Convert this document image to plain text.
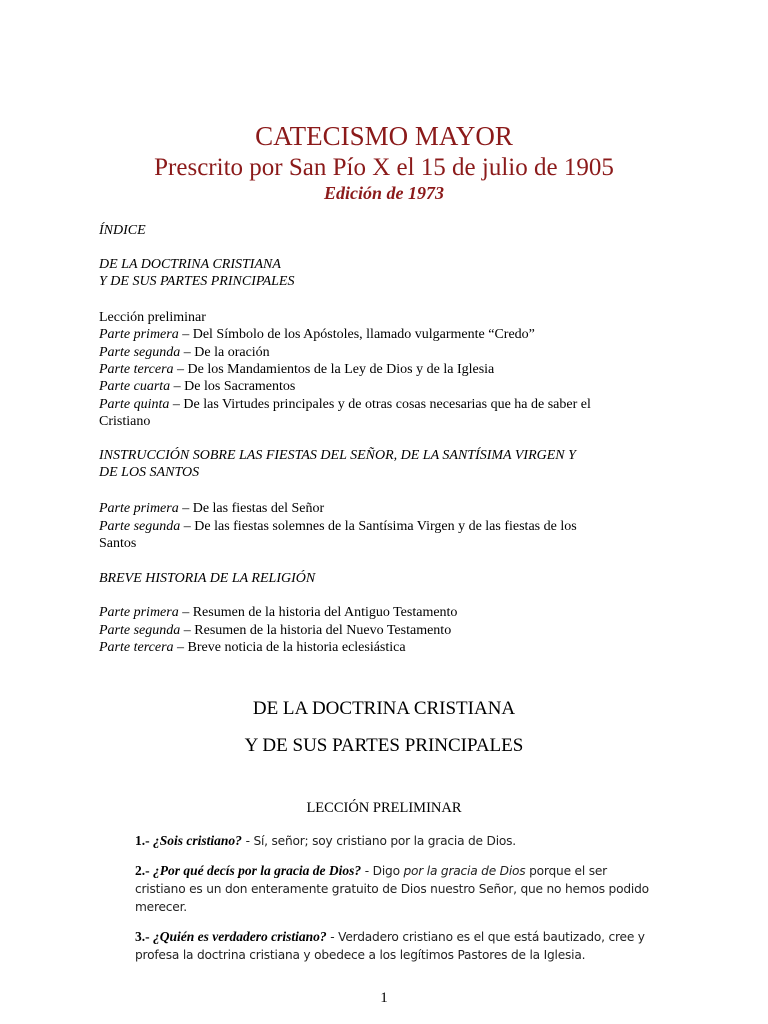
CATECISMO MAYOR
Prescrito por San Pío X el 15 de julio de 1905
Edición de 1973
ÍNDICE
DE LA DOCTRINA CRISTIANA
Y DE SUS PARTES PRINCIPALES
Lección preliminar
Parte primera – Del Símbolo de los Apóstoles, llamado vulgarmente “Credo”
Parte segunda – De la oración
Parte tercera – De los Mandamientos de la Ley de Dios y de la Iglesia
Parte cuarta – De los Sacramentos
Parte quinta – De las Virtudes principales y de otras cosas necesarias que ha de saber el
Cristiano
INSTRUCCIÓN SOBRE LAS FIESTAS DEL SEÑOR, DE LA SANTÍSIMA VIRGEN Y
DE LOS SANTOS
Parte primera – De las fiestas del Señor
Parte segunda – De las fiestas solemnes de la Santísima Virgen y de las fiestas de los
Santos
BREVE HISTORIA DE LA RELIGIÓN
Parte primera – Resumen de la historia del Antiguo Testamento
Parte segunda – Resumen de la historia del Nuevo Testamento
Parte tercera – Breve noticia de la historia eclesiástica
DE LA DOCTRINA CRISTIANA
Y DE SUS PARTES PRINCIPALES
LECCIÓN PRELIMINAR
1.- ¿Sois cristiano? - Sí, señor; soy cristiano por la gracia de Dios.
2.- ¿Por qué decís por la gracia de Dios? - Digo por la gracia de Dios porque el ser cristiano es un don enteramente gratuito de Dios nuestro Señor, que no hemos podido merecer.
3.- ¿Quién es verdadero cristiano? - Verdadero cristiano es el que está bautizado, cree y profesa la doctrina cristiana y obedece a los legítimos Pastores de la Iglesia.
1
